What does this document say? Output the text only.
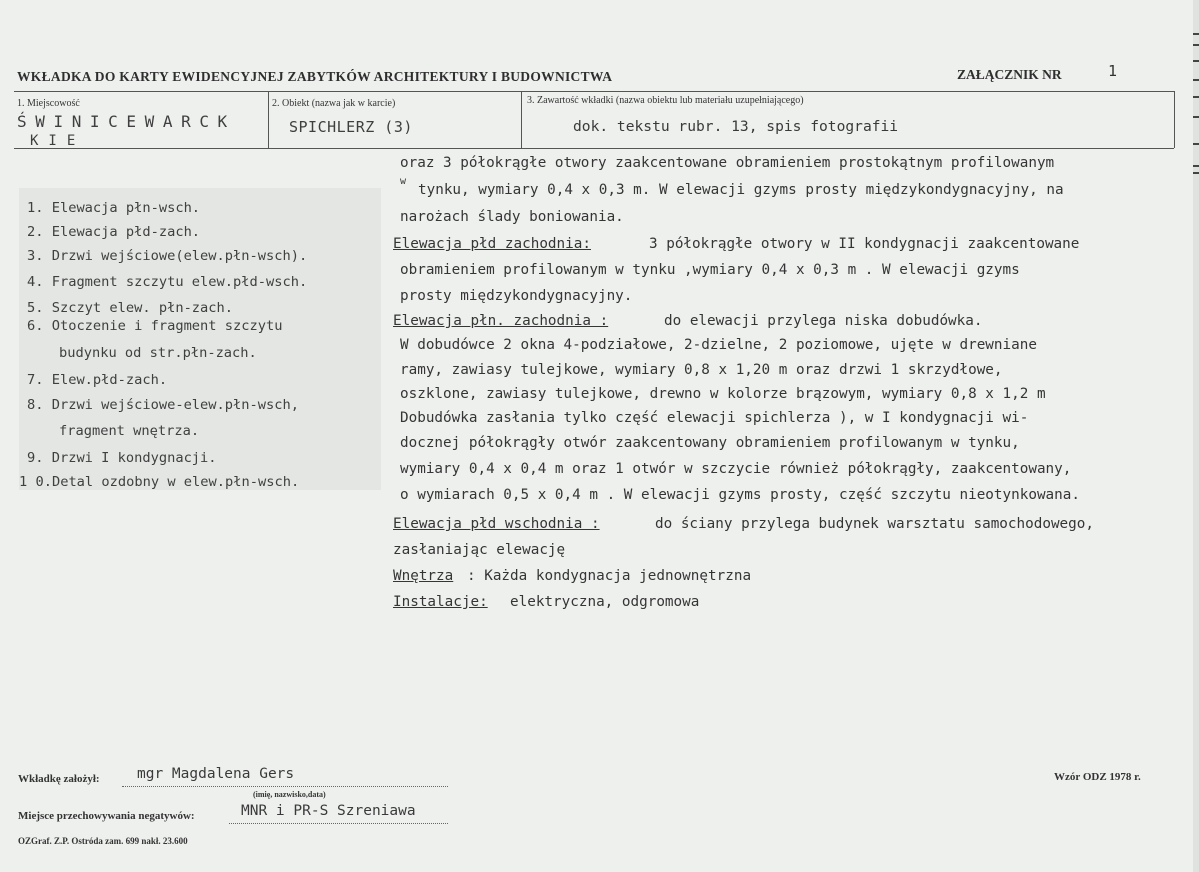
WKŁADKA DO KARTY EWIDENCYJNEJ ZABYTKÓW ARCHITEKTURY I BUDOWNICTWA	ZAŁĄCZNIK NR	1
1. Miejscowość	2. Obiekt (nazwa jak w karcie)	3. Zawartość wkładki (nazwa obiektu lub materiału uzupełniającego)
ŚWINICEWARCK
KIE
SPICHLERZ (3)	dok. tekstu rubr. 13, spis fotografii
1. Elewacja płn-wsch.
2. Elewacja płd-zach.
3. Drzwi wejściowe(elew.płn-wsch).
4. Fragment szczytu elew.płd-wsch.
5. Szczyt elew. płn-zach.
6. Otoczenie i fragment szczytu
budynku od str.płn-zach.
7. Elew.płd-zach.
8. Drzwi wejściowe-elew.płn-wsch,
fragment wnętrza.
9. Drzwi I kondygnacji.
1 0.Detal ozdobny w elew.płn-wsch.
oraz 3 półokrągłe otwory zaakcentowane obramieniem prostokątnym profilowanym
w
tynku, wymiary 0,4 x 0,3 m. W elewacji gzyms prosty międzykondygnacyjny, na
narożach ślady boniowania.
Elewacja płd zachodnia:	3 półokrągłe otwory w II kondygnacji zaakcentowane
obramieniem profilowanym w tynku ,wymiary 0,4 x 0,3 m . W elewacji gzyms
prosty międzykondygnacyjny.
Elewacja płn. zachodnia :	do elewacji przylega niska dobudówka.
W dobudówce 2 okna 4-podziałowe, 2-dzielne, 2 poziomowe, ujęte w drewniane
ramy, zawiasy tulejkowe, wymiary 0,8 x 1,20 m oraz drzwi 1 skrzydłowe,
oszklone, zawiasy tulejkowe, drewno w kolorze brązowym, wymiary 0,8 x 1,2 m
Dobudówka zasłania tylko część elewacji spichlerza ), w I kondygnacji wi-
docznej półokrągły otwór zaakcentowany obramieniem profilowanym w tynku,
wymiary 0,4 x 0,4 m oraz 1 otwór w szczycie również półokrągły, zaakcentowany,
o wymiarach 0,5 x 0,4 m . W elewacji gzyms prosty, część szczytu nieotynkowana.
Elewacja płd wschodnia :	do ściany przylega budynek warsztatu samochodowego,
zasłaniając elewację
Wnętrza : Każda kondygnacja jednownętrzna
Instalacje: elektryczna, odgromowa
Wkładkę założył:	mgr Magdalena Gers
(imię, nazwisko,data)
Wzór ODZ 1978 r.
Miejsce przechowywania negatywów:	MNR i PR-S Szreniawa
OZGraf. Z.P. Ostróda zam. 699 nakł. 23.600
